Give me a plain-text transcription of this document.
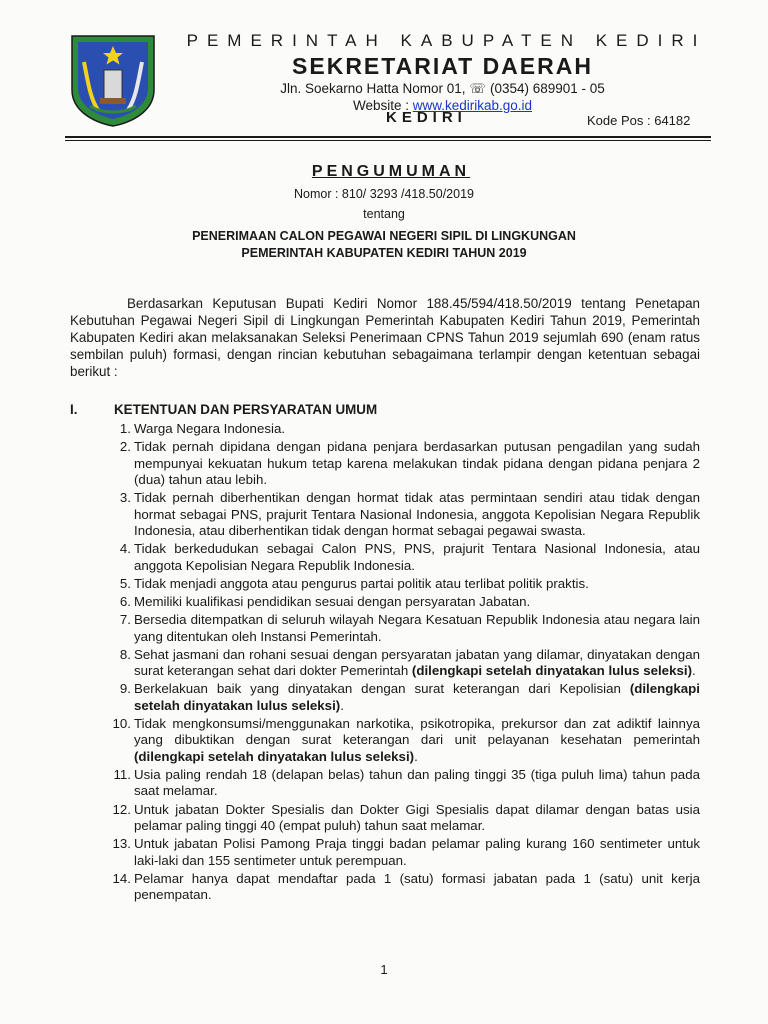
PEMERINTAH KABUPATEN KEDIRI
SEKRETARIAT DAERAH
Jln. Soekarno Hatta Nomor 01, ☏ (0354) 689901 - 05
Website : www.kedirikab.go.id
KEDIRI	Kode Pos : 64182
PENGUMUMAN
Nomor : 810/ 3293 /418.50/2019
tentang
PENERIMAAN CALON PEGAWAI NEGERI SIPIL DI LINGKUNGAN
PEMERINTAH KABUPATEN KEDIRI TAHUN 2019

Berdasarkan Keputusan Bupati Kediri Nomor 188.45/594/418.50/2019 tentang Penetapan Kebutuhan Pegawai Negeri Sipil di Lingkungan Pemerintah Kabupaten Kediri Tahun 2019, Pemerintah Kabupaten Kediri akan melaksanakan Seleksi Penerimaan CPNS Tahun 2019 sejumlah 690 (enam ratus sembilan puluh) formasi, dengan rincian kebutuhan sebagaimana terlampir dengan ketentuan sebagai berikut :

I.	KETENTUAN DAN PERSYARATAN UMUM
1. Warga Negara Indonesia.
2. Tidak pernah dipidana dengan pidana penjara berdasarkan putusan pengadilan yang sudah mempunyai kekuatan hukum tetap karena melakukan tindak pidana dengan pidana penjara 2 (dua) tahun atau lebih.
3. Tidak pernah diberhentikan dengan hormat tidak atas permintaan sendiri atau tidak dengan hormat sebagai PNS, prajurit Tentara Nasional Indonesia, anggota Kepolisian Negara Republik Indonesia, atau diberhentikan tidak dengan hormat sebagai pegawai swasta.
4. Tidak berkedudukan sebagai Calon PNS, PNS, prajurit Tentara Nasional Indonesia, atau anggota Kepolisian Negara Republik Indonesia.
5. Tidak menjadi anggota atau pengurus partai politik atau terlibat politik praktis.
6. Memiliki kualifikasi pendidikan sesuai dengan persyaratan Jabatan.
7. Bersedia ditempatkan di seluruh wilayah Negara Kesatuan Republik Indonesia atau negara lain yang ditentukan oleh Instansi Pemerintah.
8. Sehat jasmani dan rohani sesuai dengan persyaratan jabatan yang dilamar, dinyatakan dengan surat keterangan sehat dari dokter Pemerintah (dilengkapi setelah dinyatakan lulus seleksi).
9. Berkelakuan baik yang dinyatakan dengan surat keterangan dari Kepolisian (dilengkapi setelah dinyatakan lulus seleksi).
10. Tidak mengkonsumsi/menggunakan narkotika, psikotropika, prekursor dan zat adiktif lainnya yang dibuktikan dengan surat keterangan dari unit pelayanan kesehatan pemerintah (dilengkapi setelah dinyatakan lulus seleksi).
11. Usia paling rendah 18 (delapan belas) tahun dan paling tinggi 35 (tiga puluh lima) tahun pada saat melamar.
12. Untuk jabatan Dokter Spesialis dan Dokter Gigi Spesialis dapat dilamar dengan batas usia pelamar paling tinggi 40 (empat puluh) tahun saat melamar.
13. Untuk jabatan Polisi Pamong Praja tinggi badan pelamar paling kurang 160 sentimeter untuk laki-laki dan 155 sentimeter untuk perempuan.
14. Pelamar hanya dapat mendaftar pada 1 (satu) formasi jabatan pada 1 (satu) unit kerja penempatan.
1
